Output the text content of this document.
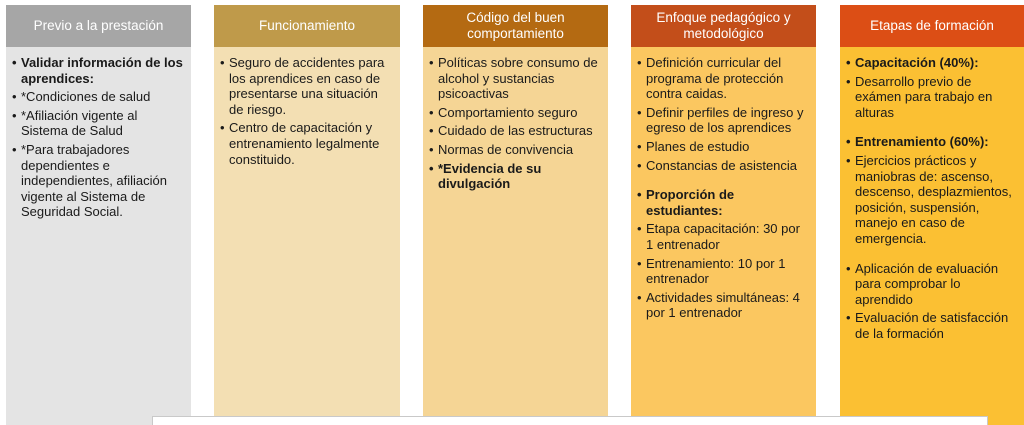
Previo a la prestación
• Validar información de los aprendices:
• *Condiciones de salud
• *Afiliación vigente al Sistema de Salud
• *Para trabajadores dependientes e independientes, afiliación vigente al Sistema de Seguridad Social.
Funcionamiento
• Seguro de accidentes para los aprendices en caso de presentarse una situación de riesgo.
• Centro de capacitación y entrenamiento legalmente constituido.
Código del buen comportamiento
• Políticas sobre consumo de alcohol y sustancias psicoactivas
• Comportamiento seguro
• Cuidado de las estructuras
• Normas de convivencia
• *Evidencia de su divulgación
Enfoque pedagógico y metodológico
• Definición curricular del programa de protección contra caidas.
• Definir perfiles de ingreso y egreso de los aprendices
• Planes de estudio
• Constancias de asistencia
• Proporción de estudiantes:
• Etapa capacitación: 30 por 1 entrenador
• Entrenamiento: 10 por 1 entrenador
• Actividades simultáneas: 4 por 1 entrenador
Etapas de formación
• Capacitación (40%):
• Desarrollo previo de exámen para trabajo en alturas
• Entrenamiento (60%):
• Ejercicios prácticos y maniobras de: ascenso, descenso, desplazmientos, posición, suspensión, manejo en caso de emergencia.
• Aplicación de evaluación para comprobar lo aprendido
• Evaluación de satisfacción de la formación
